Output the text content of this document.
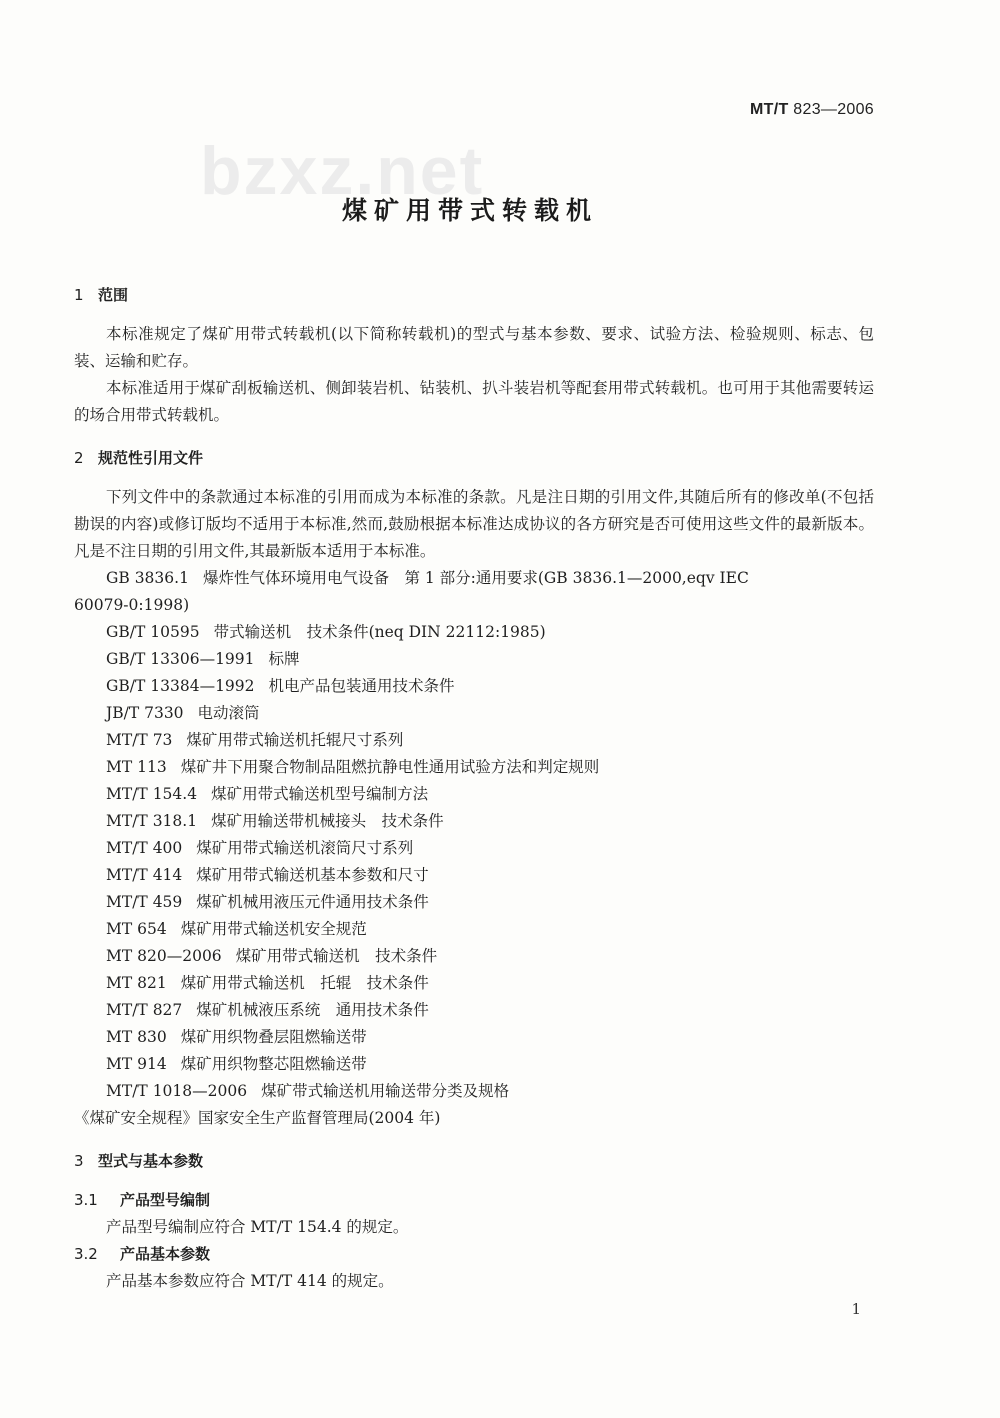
MT/T 823—2006
bzxz.net
煤矿用带式转载机

1 范围

本标准规定了煤矿用带式转载机(以下简称转载机)的型式与基本参数、要求、试验方法、检验规则、标志、包装、运输和贮存。

本标准适用于煤矿刮板输送机、侧卸装岩机、钻装机、扒斗装岩机等配套用带式转载机。也可用于其他需要转运的场合用带式转载机。

2 规范性引用文件

下列文件中的条款通过本标准的引用而成为本标准的条款。凡是注日期的引用文件,其随后所有的修改单(不包括勘误的内容)或修订版均不适用于本标准,然而,鼓励根据本标准达成协议的各方研究是否可使用这些文件的最新版本。凡是不注日期的引用文件,其最新版本适用于本标准。

GB 3836.1 爆炸性气体环境用电气设备　第 1 部分:通用要求(GB 3836.1—2000,eqv IEC
60079-0:1998)
GB/T 10595 带式输送机　技术条件(neq DIN 22112:1985)
GB/T 13306—1991 标牌
GB/T 13384—1992 机电产品包装通用技术条件
JB/T 7330 电动滚筒
MT/T 73 煤矿用带式输送机托辊尺寸系列
MT 113 煤矿井下用聚合物制品阻燃抗静电性通用试验方法和判定规则
MT/T 154.4 煤矿用带式输送机型号编制方法
MT/T 318.1 煤矿用输送带机械接头　技术条件
MT/T 400 煤矿用带式输送机滚筒尺寸系列
MT/T 414 煤矿用带式输送机基本参数和尺寸
MT/T 459 煤矿机械用液压元件通用技术条件
MT 654 煤矿用带式输送机安全规范
MT 820—2006 煤矿用带式输送机　技术条件
MT 821 煤矿用带式输送机　托辊　技术条件
MT/T 827 煤矿机械液压系统　通用技术条件
MT 830 煤矿用织物叠层阻燃输送带
MT 914 煤矿用织物整芯阻燃输送带
MT/T 1018—2006 煤矿带式输送机用输送带分类及规格

《煤矿安全规程》国家安全生产监督管理局(2004 年)

3 型式与基本参数

3.1 产品型号编制

产品型号编制应符合 MT/T 154.4 的规定。

3.2 产品基本参数

产品基本参数应符合 MT/T 414 的规定。

1
